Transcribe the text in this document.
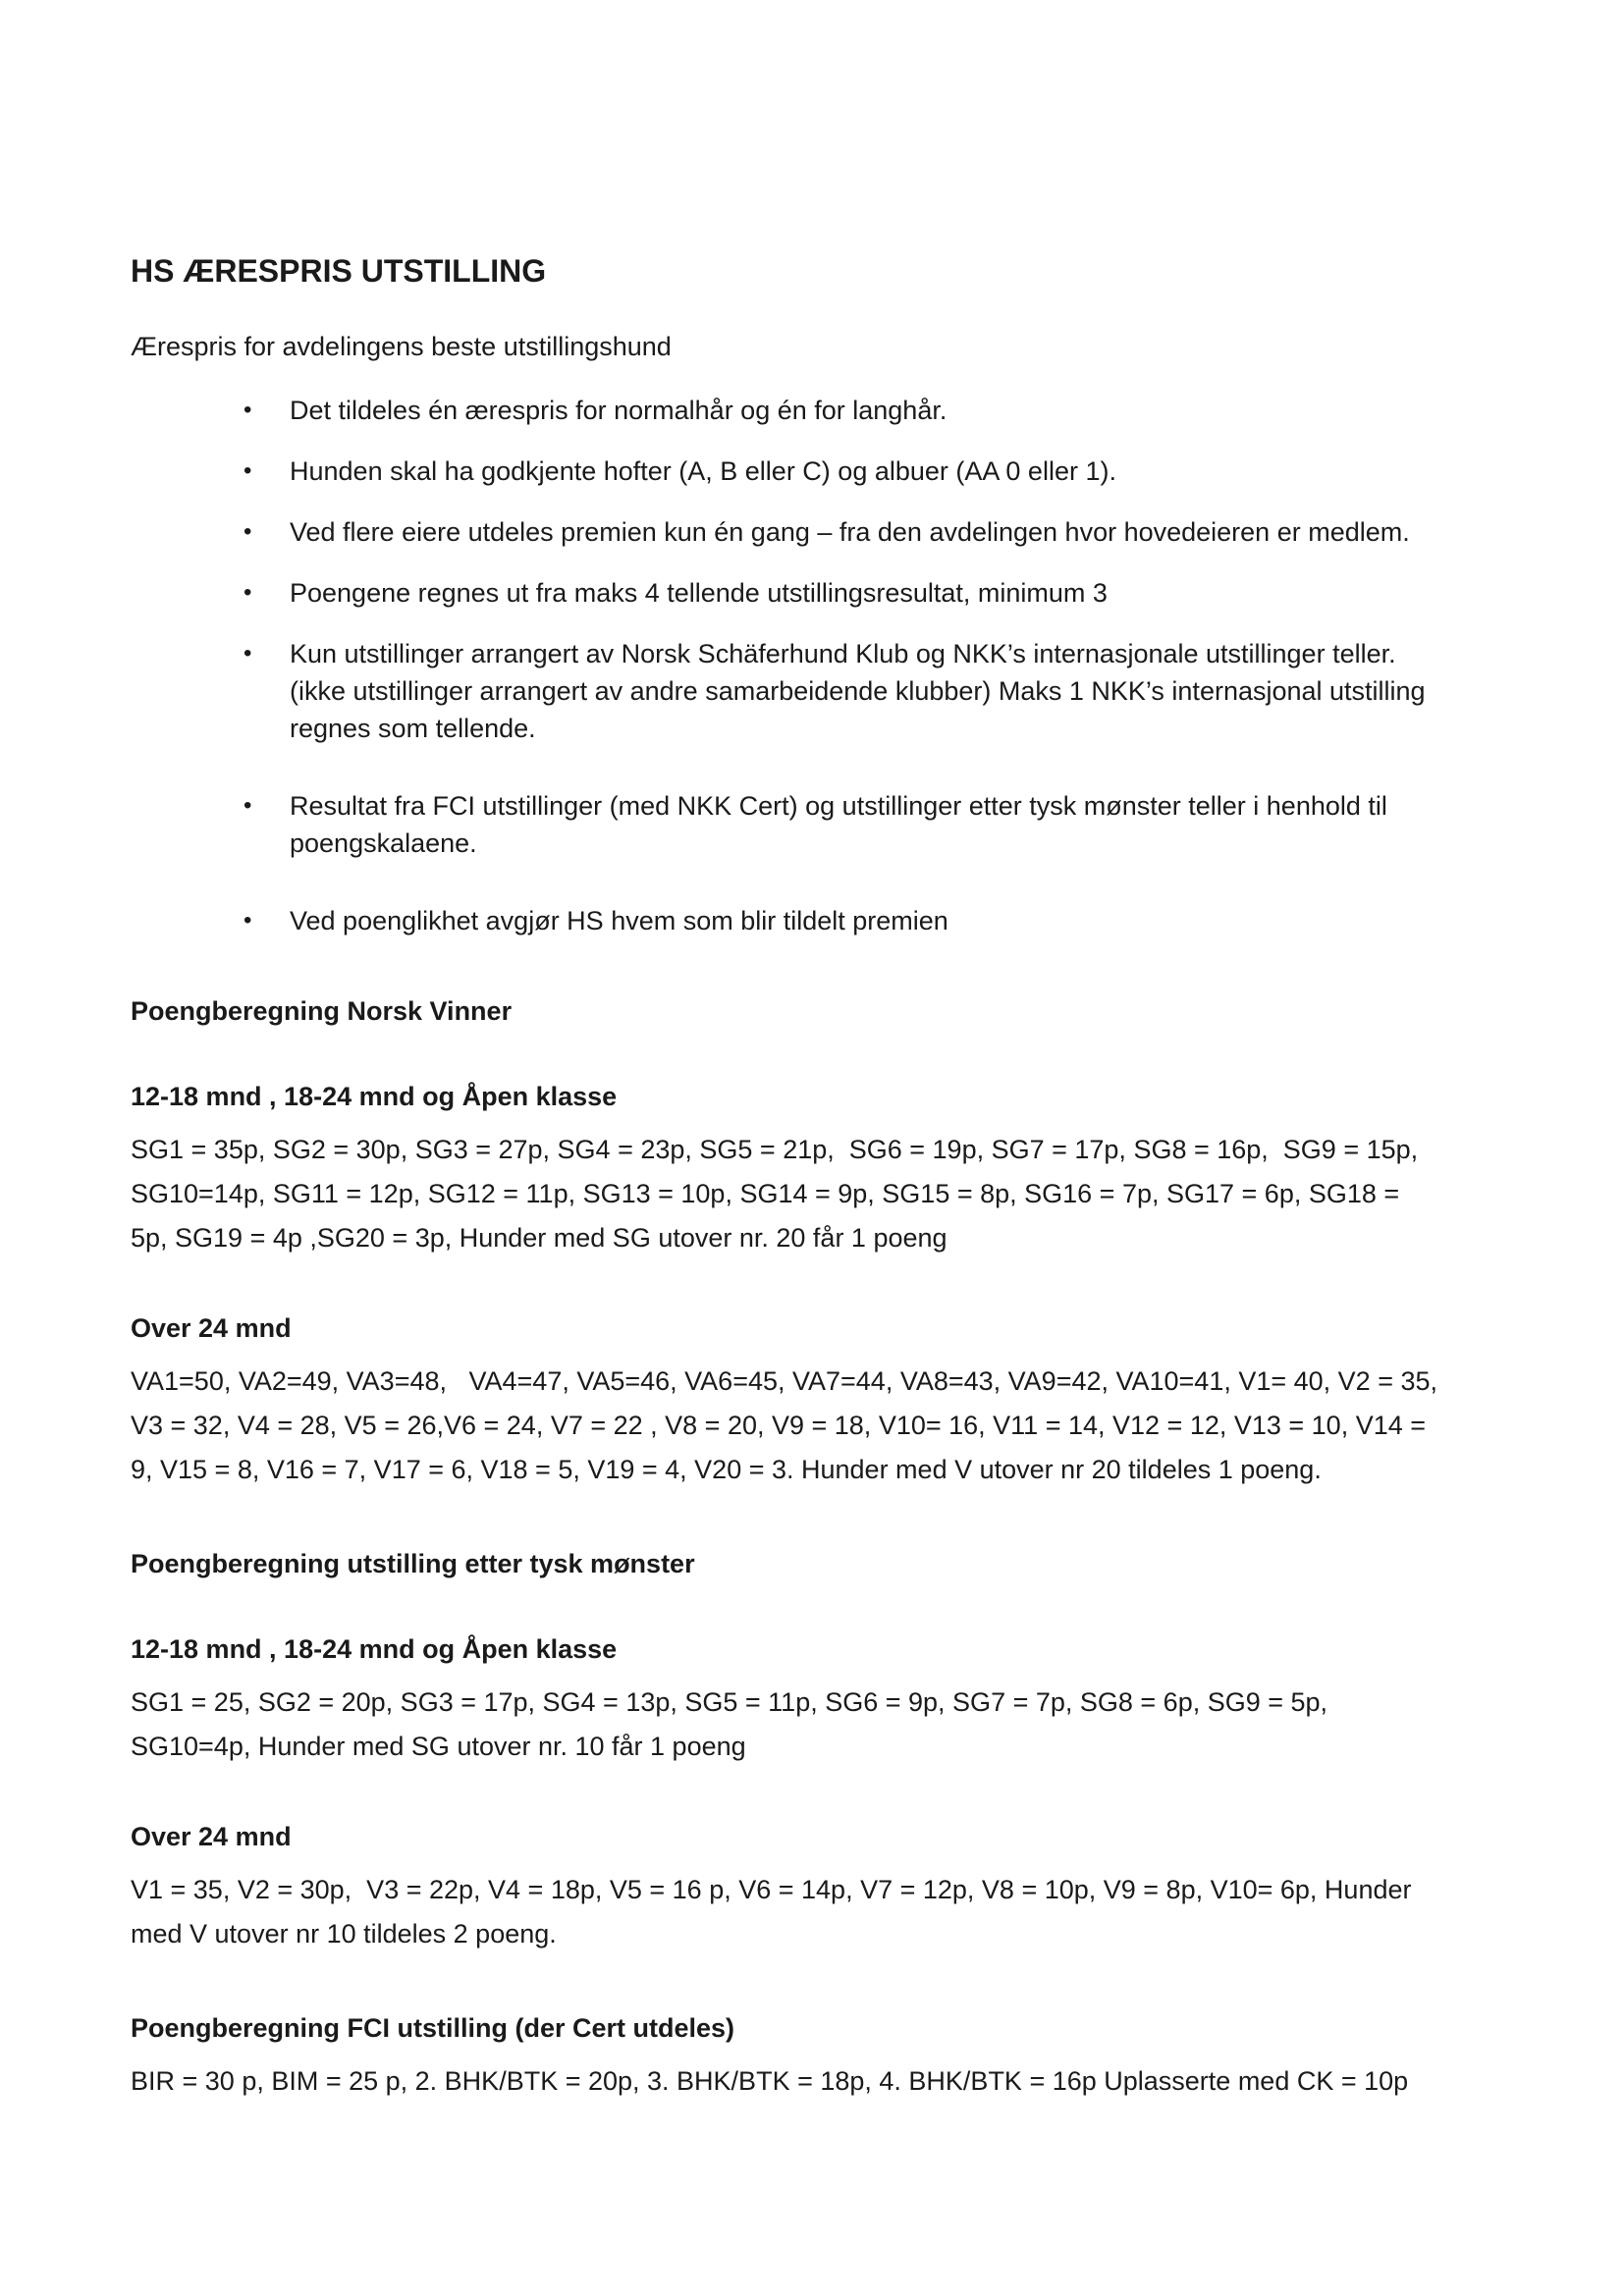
HS ÆRESPRIS UTSTILLING

Ærespris for avdelingens beste utstillingshund

• Det tildeles én ærespris for normalhår og én for langhår.
• Hunden skal ha godkjente hofter (A, B eller C) og albuer (AA 0 eller 1).
• Ved flere eiere utdeles premien kun én gang – fra den avdelingen hvor hovedeieren er medlem.
• Poengene regnes ut fra maks 4 tellende utstillingsresultat, minimum 3
• Kun utstillinger arrangert av Norsk Schäferhund Klub og NKK’s internasjonale utstillinger teller. (ikke utstillinger arrangert av andre samarbeidende klubber) Maks 1 NKK’s internasjonal utstilling regnes som tellende.
• Resultat fra FCI utstillinger (med NKK Cert) og utstillinger etter tysk mønster teller i henhold til poengskalaene.
• Ved poenglikhet avgjør HS hvem som blir tildelt premien
Poengberegning Norsk Vinner
12-18 mnd , 18-24 mnd og Åpen klasse

SG1 = 35p, SG2 = 30p, SG3 = 27p, SG4 = 23p, SG5 = 21p,  SG6 = 19p, SG7 = 17p, SG8 = 16p,  SG9 = 15p,  SG10=14p, SG11 = 12p, SG12 = 11p, SG13 = 10p, SG14 = 9p, SG15 = 8p, SG16 = 7p, SG17 = 6p, SG18 = 5p, SG19 = 4p ,SG20 = 3p, Hunder med SG utover nr. 20 får 1 poeng

Over 24 mnd

VA1=50, VA2=49, VA3=48,   VA4=47, VA5=46, VA6=45, VA7=44, VA8=43, VA9=42, VA10=41, V1= 40, V2 = 35, V3 = 32, V4 = 28, V5 = 26,V6 = 24, V7 = 22 , V8 = 20, V9 = 18, V10= 16, V11 = 14, V12 = 12, V13 = 10, V14 = 9, V15 = 8, V16 = 7, V17 = 6, V18 = 5, V19 = 4, V20 = 3. Hunder med V utover nr 20 tildeles 1 poeng.

Poengberegning utstilling etter tysk mønster
12-18 mnd , 18-24 mnd og Åpen klasse

SG1 = 25, SG2 = 20p, SG3 = 17p, SG4 = 13p, SG5 = 11p, SG6 = 9p, SG7 = 7p, SG8 = 6p, SG9 = 5p, SG10=4p, Hunder med SG utover nr. 10 får 1 poeng

Over 24 mnd

V1 = 35, V2 = 30p,  V3 = 22p, V4 = 18p, V5 = 16 p, V6 = 14p, V7 = 12p, V8 = 10p, V9 = 8p, V10= 6p, Hunder med V utover nr 10 tildeles 2 poeng.

Poengberegning FCI utstilling (der Cert utdeles)

BIR = 30 p, BIM = 25 p, 2. BHK/BTK = 20p, 3. BHK/BTK = 18p, 4. BHK/BTK = 16p Uplasserte med CK = 10p
